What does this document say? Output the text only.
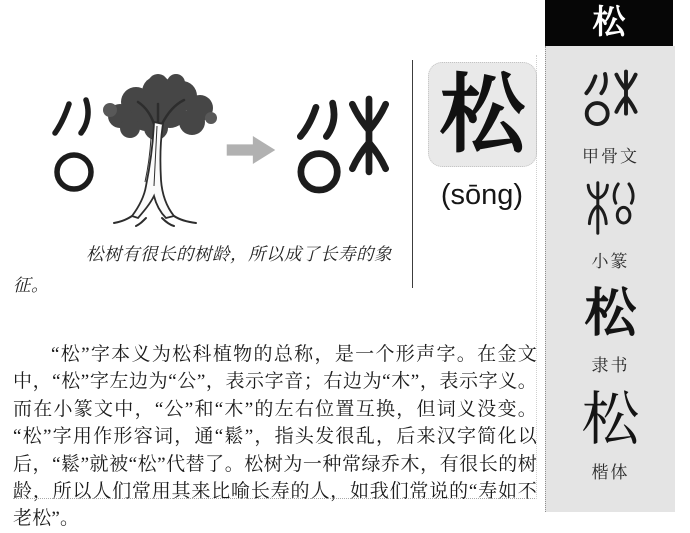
松树有很长的树龄，所以成了长寿的象征。
松
(sōng)

“松”字本义为松科植物的总称，是一个形声字。在金文中，“松”字左边为“公”，表示字音；右边为“木”，表示字义。而在小篆文中，“公”和“木”的左右位置互换，但词义没变。“松”字用作形容词，通“鬆”，指头发很乱，后来汉字简化以后，“鬆”就被“松”代替了。松树为一种常绿乔木，有很长的树龄，所以人们常用其来比喻长寿的人，如我们常说的“寿如不老松”。

松
甲骨文
小篆
松
隶书
松
楷体
